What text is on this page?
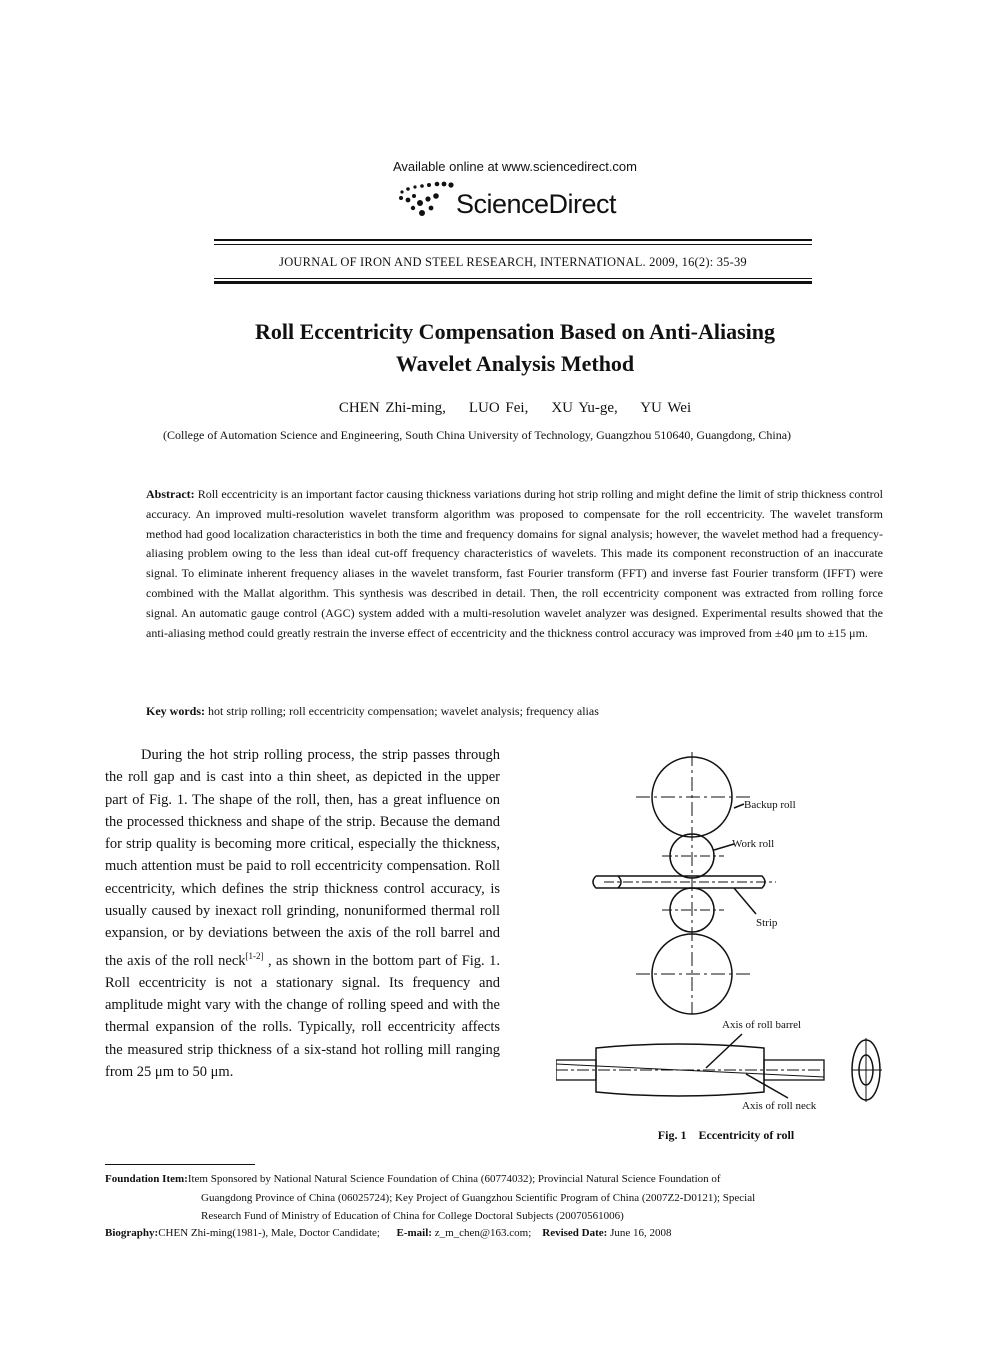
Available online at www.sciencedirect.com
ScienceDirect
JOURNAL OF IRON AND STEEL RESEARCH, INTERNATIONAL. 2009, 16(2): 35-39
Roll Eccentricity Compensation Based on Anti-Aliasing
Wavelet Analysis Method
CHEN Zhi-ming,    LUO Fei,    XU Yu-ge,    YU Wei
(College of Automation Science and Engineering, South China University of Technology, Guangzhou 510640, Guangdong, China)
Abstract: Roll eccentricity is an important factor causing thickness variations during hot strip rolling and might define the limit of strip thickness control accuracy. An improved multi-resolution wavelet transform algorithm was proposed to compensate for the roll eccentricity. The wavelet transform method had good localization characteristics in both the time and frequency domains for signal analysis; however, the wavelet method had a frequency-aliasing problem owing to the less than ideal cut-off frequency characteristics of wavelets. This made its component reconstruction of an inaccurate signal. To eliminate inherent frequency aliases in the wavelet transform, fast Fourier transform (FFT) and inverse fast Fourier transform (IFFT) were combined with the Mallat algorithm. This synthesis was described in detail. Then, the roll eccentricity component was extracted from rolling force signal. An automatic gauge control (AGC) system added with a multi-resolution wavelet analyzer was designed. Experimental results showed that the anti-aliasing method could greatly restrain the inverse effect of eccentricity and the thickness control accuracy was improved from ±40 μm to ±15 μm.
Key words: hot strip rolling; roll eccentricity compensation; wavelet analysis; frequency alias

During the hot strip rolling process, the strip passes through the roll gap and is cast into a thin sheet, as depicted in the upper part of Fig. 1. The shape of the roll, then, has a great influence on the processed thickness and shape of the strip. Because the demand for strip quality is becoming more critical, especially the thickness, much attention must be paid to roll eccentricity compensation. Roll eccentricity, which defines the strip thickness control accuracy, is usually caused by inexact roll grinding, nonuniformed thermal roll expansion, or by deviations between the axis of the roll barrel and the axis of the roll neck[1-2] , as shown in the bottom part of Fig. 1. Roll eccentricity is not a stationary signal. Its frequency and amplitude might vary with the change of rolling speed and with the thermal expansion of the rolls. Typically, roll eccentricity affects the measured strip thickness of a six-stand hot rolling mill ranging from 25 μm to 50 μm.

Backup roll
Work roll
Strip
Axis of roll barrel
Axis of roll neck
Fig. 1    Eccentricity of roll
Foundation Item:Item Sponsored by National Natural Science Foundation of China (60774032); Provincial Natural Science Foundation of
Guangdong Province of China (06025724); Key Project of Guangzhou Scientific Program of China (2007Z2-D0121); Special
Research Fund of Ministry of Education of China for College Doctoral Subjects (20070561006)
Biography:CHEN Zhi-ming(1981-), Male, Doctor Candidate; E-mail: z_m_chen@163.com; Revised Date: June 16, 2008
